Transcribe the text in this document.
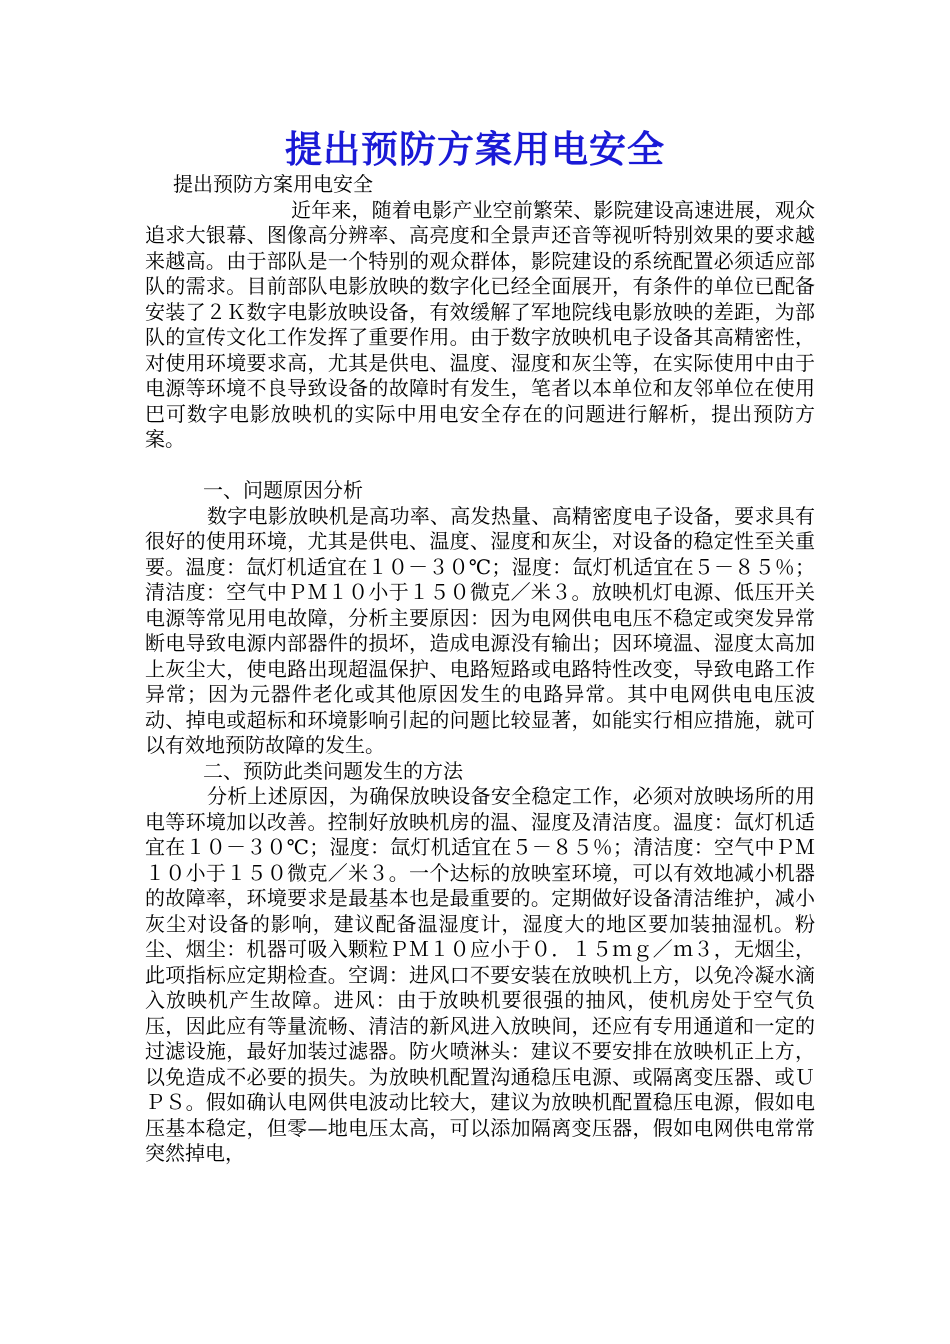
提出预防方案用电安全

提出预防方案用电安全

近年来，随着电影产业空前繁荣、影院建设高速进展，观众追求大银幕、图像高分辨率、高亮度和全景声还音等视听特别效果的要求越来越高。由于部队是一个特别的观众群体，影院建设的系统配置必须适应部队的需求。目前部队电影放映的数字化已经全面展开，有条件的单位已配备安装了２Ｋ数字电影放映设备，有效缓解了军地院线电影放映的差距，为部队的宣传文化工作发挥了重要作用。由于数字放映机电子设备其高精密性，对使用环境要求高，尤其是供电、温度、湿度和灰尘等，在实际使用中由于电源等环境不良导致设备的故障时有发生，笔者以本单位和友邻单位在使用巴可数字电影放映机的实际中用电安全存在的问题进行解析，提出预防方案。

一、问题原因分析

数字电影放映机是高功率、高发热量、高精密度电子设备，要求具有很好的使用环境，尤其是供电、温度、湿度和灰尘，对设备的稳定性至关重要。温度：氙灯机适宜在１０－３０℃；湿度：氙灯机适宜在５－８５％；清洁度：空气中ＰＭ１０小于１５０微克／米３。放映机灯电源、低压开关电源等常见用电故障，分析主要原因：因为电网供电电压不稳定或突发异常断电导致电源内部器件的损坏，造成电源没有输出；因环境温、湿度太高加上灰尘大，使电路出现超温保护、电路短路或电路特性改变，导致电路工作异常；因为元器件老化或其他原因发生的电路异常。其中电网供电电压波动、掉电或超标和环境影响引起的问题比较显著，如能实行相应措施，就可以有效地预防故障的发生。

二、预防此类问题发生的方法

分析上述原因，为确保放映设备安全稳定工作，必须对放映场所的用电等环境加以改善。控制好放映机房的温、湿度及清洁度。温度：氙灯机适宜在１０－３０℃；湿度：氙灯机适宜在５－８５％；清洁度：空气中ＰＭ１０小于１５０微克／米３。一个达标的放映室环境，可以有效地减小机器的故障率，环境要求是最基本也是最重要的。定期做好设备清洁维护，减小灰尘对设备的影响，建议配备温湿度计，湿度大的地区要加装抽湿机。粉尘、烟尘：机器可吸入颗粒ＰＭ１０应小于０．１５ｍｇ／ｍ３，无烟尘，此项指标应定期检查。空调：进风口不要安装在放映机上方，以免冷凝水滴入放映机产生故障。进风：由于放映机要很强的抽风，使机房处于空气负压，因此应有等量流畅、清洁的新风进入放映间，还应有专用通道和一定的过滤设施，最好加装过滤器。防火喷淋头：建议不要安排在放映机正上方，以免造成不必要的损失。为放映机配置沟通稳压电源、或隔离变压器、或ＵＰＳ。假如确认电网供电波动比较大，建议为放映机配置稳压电源，假如电压基本稳定，但零—地电压太高，可以添加隔离变压器，假如电网供电常常突然掉电，
